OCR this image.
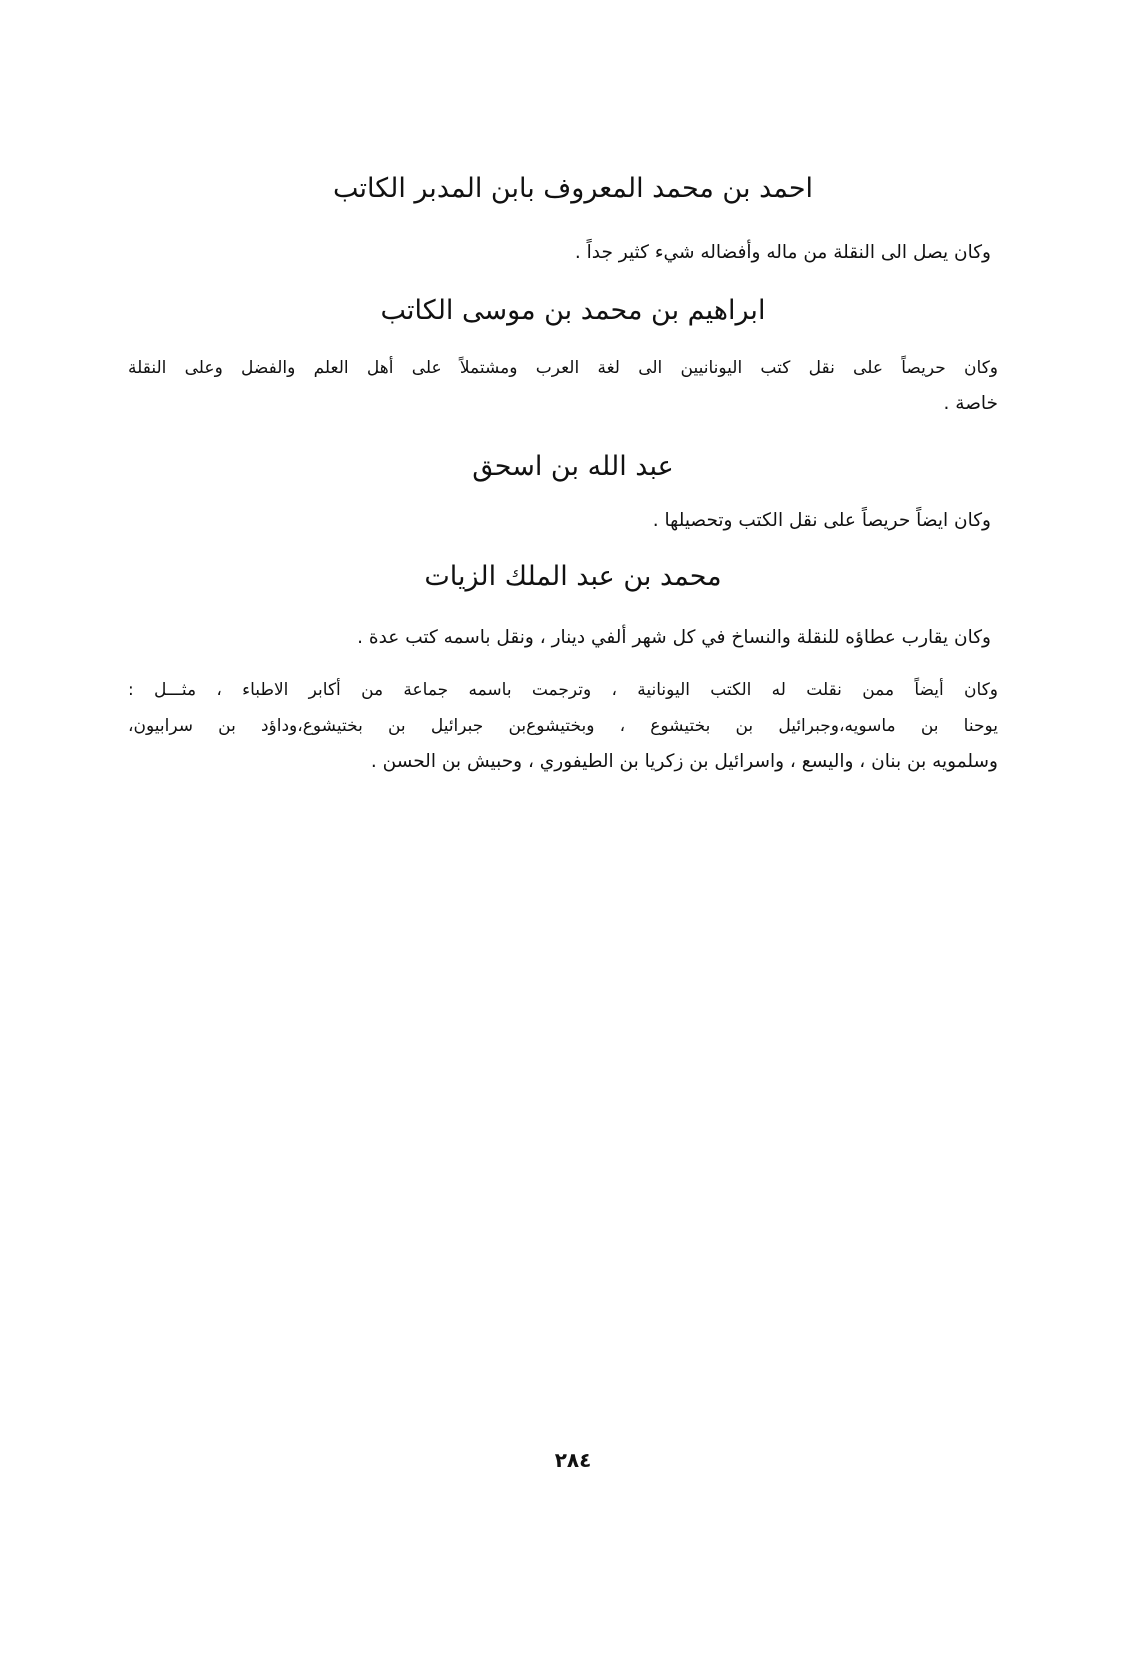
احمد بن محمد المعروف بابن المدبر الكاتب

وكان يصل الى النقلة من ماله وأفضاله شيء كثير جداً .

ابراهيم بن محمد بن موسى الكاتب

وكان حريصاً على نقل كتب اليونانيين الى لغة العرب ومشتملاً على أهل العلم والفضل وعلى النقلة
خاصة .

عبد الله بن اسحق

وكان ايضاً حريصاً على نقل الكتب وتحصيلها .

محمد بن عبد الملك الزيات

وكان يقارب عطاؤه للنقلة والنساخ في كل شهر ألفي دينار ، ونقل باسمه كتب عدة .

وكان أيضاً ممن نقلت له الكتب اليونانية ، وترجمت باسمه جماعة من أكابر الاطباء ، مثـــل :
يوحنا بن ماسويه،وجبرائيل بن بختيشوع ، وبختيشوع‌بن جبرائيل بن بختيشوع،وداؤد بن سرابيون،
وسلمويه بن بنان ، واليسع ، واسرائيل بن زكريا بن الطيفوري ، وحبيش بن الحسن .

٢٨٤
